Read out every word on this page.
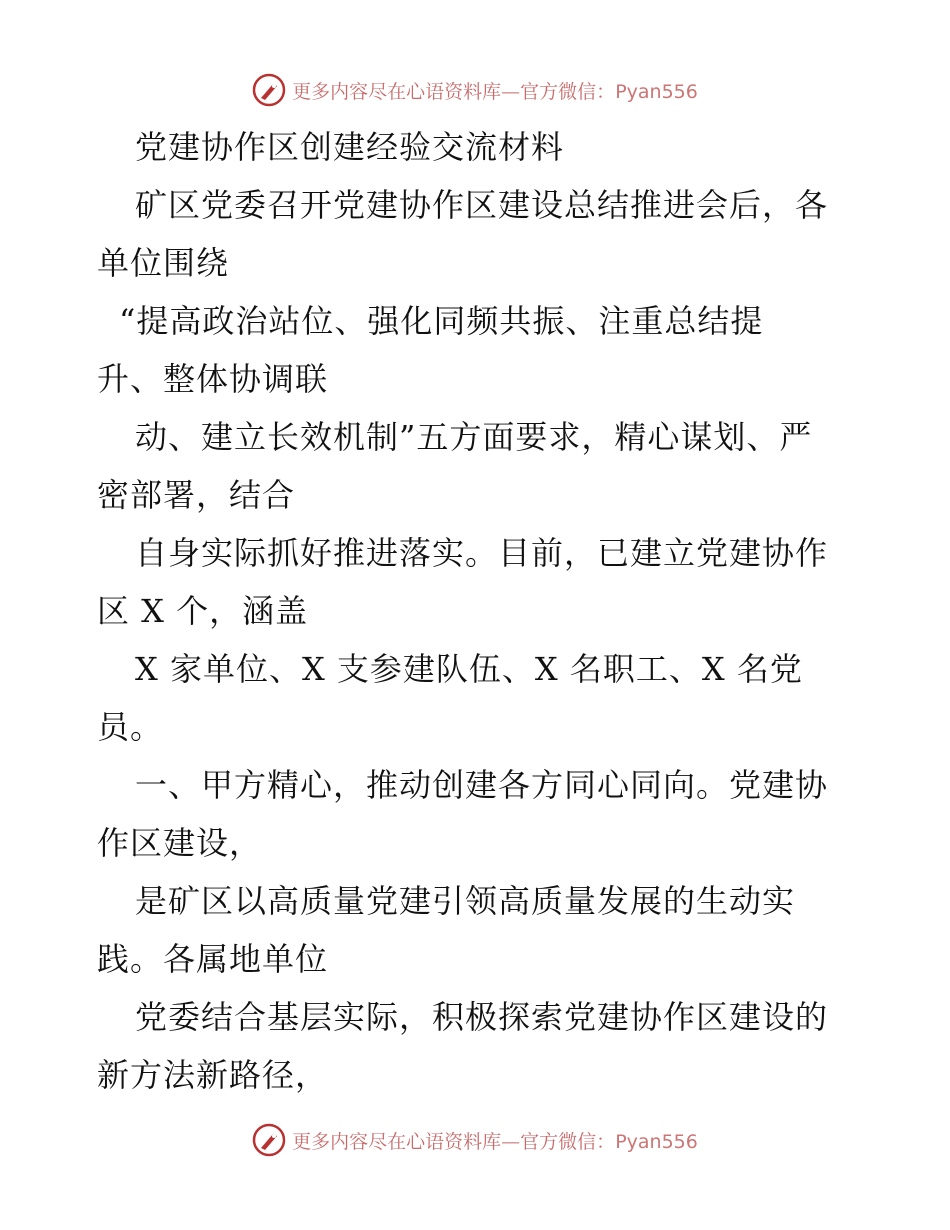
更多内容尽在心语资料库—官方微信：Pyan556
党建协作区创建经验交流材料
矿区党委召开党建协作区建设总结推进会后，各
单位围绕
“提高政治站位、强化同频共振、注重总结提
升、整体协调联
动、建立长效机制”五方面要求，精心谋划、严
密部署，结合
自身实际抓好推进落实。目前，已建立党建协作
区 X 个，涵盖
X 家单位、X 支参建队伍、X 名职工、X 名党
员。
一、甲方精心，推动创建各方同心同向。党建协
作区建设，
是矿区以高质量党建引领高质量发展的生动实
践。各属地单位
党委结合基层实际，积极探索党建协作区建设的
新方法新路径，
更多内容尽在心语资料库—官方微信：Pyan556
